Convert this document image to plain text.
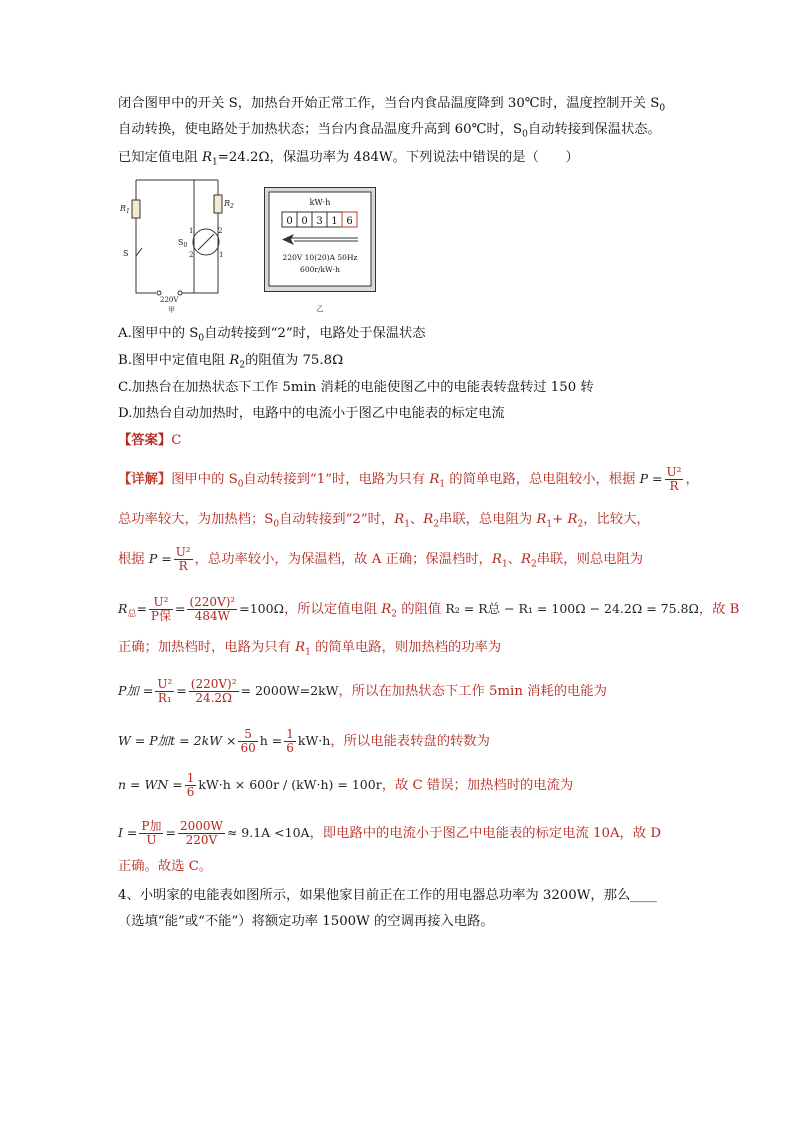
闭合图甲中的开关 S，加热台开始正常工作，当台内食品温度降到 30℃时，温度控制开关 $S_0$
自动转换，使电路处于加热状态；当台内食品温度升高到 60℃时，$S_0$自动转接到保温状态。
已知定值电阻 $R_1=24.2\Omega$，保温功率为 484W。下列说法中错误的是（　　）
$R_1$
$R_2$
S
$S_0$
1	2
2	1
220V
甲
kW·h
0 0 3 1 6
220V 10(20)A 50Hz
600r/kW·h
乙
A.图甲中的 $S_0$自动转接到“2”时，电路处于保温状态
B.图甲中定值电阻 $R_2$的阻值为 75.8Ω
C.加热台在加热状态下工作 5min 消耗的电能使图乙中的电能表转盘转过 150 转
D.加热台自动加热时，电路中的电流小于图乙中电能表的标定电流
【答案】C
【详解】图甲中的 $S_0$自动转接到“1”时，电路为只有 $R_1$ 的简单电路，总电阻较小，根据 $P = \frac{\text{U²}}{R}$ ，
总功率较大，为加热档；$S_0$自动转接到“2”时，$R_1$、$R_2$串联，总电阻为 $R_1+ R_2$，比较大，
根据 $P = \frac{\text{U²}}{R}$ ，总功率较小，为保温档，故 A 正确；保温档时，$R_1$、$R_2$串联，则总电阻为
$R_总= \frac{\text{U²}}{\text{P保}} = \frac{\text{(220V)²}}{484W} =100\Omega$，所以定值电阻 $R_2$ 的阻值 R₂ = R总 − R₁ = 100Ω − 24.2Ω = 75.8Ω，故 B
正确；加热档时，电路为只有 $R_1$ 的简单电路，则加热档的功率为
P加 = $\frac{\text{U²}}{\text{R₁}} = \frac{\text{(220V)²}}{24.2\Omega} = 2000W=2kW$，所以在加热状态下工作 5min 消耗的电能为
W = P加$t = 2kW \times \frac{5}{60}$ $h = \frac{1}{6} kW\cdot h$，所以电能表转盘的转数为
n = WN = $\frac{1}{6} kW\cdot h \times 600r / (kW\cdot h) = 100r$，故 C 错误；加热档时的电流为
$I = \frac{\text{P加}}{U} = \frac{2000W}{220V} \approx 9.1A <10A$，即电路中的电流小于图乙中电能表的标定电流 10A，故 D
正确。故选 C。
4、小明家的电能表如图所示，如果他家目前正在工作的用电器总功率为 3200W，那么____
（选填“能”或“不能”）将额定功率 1500W 的空调再接入电路。
